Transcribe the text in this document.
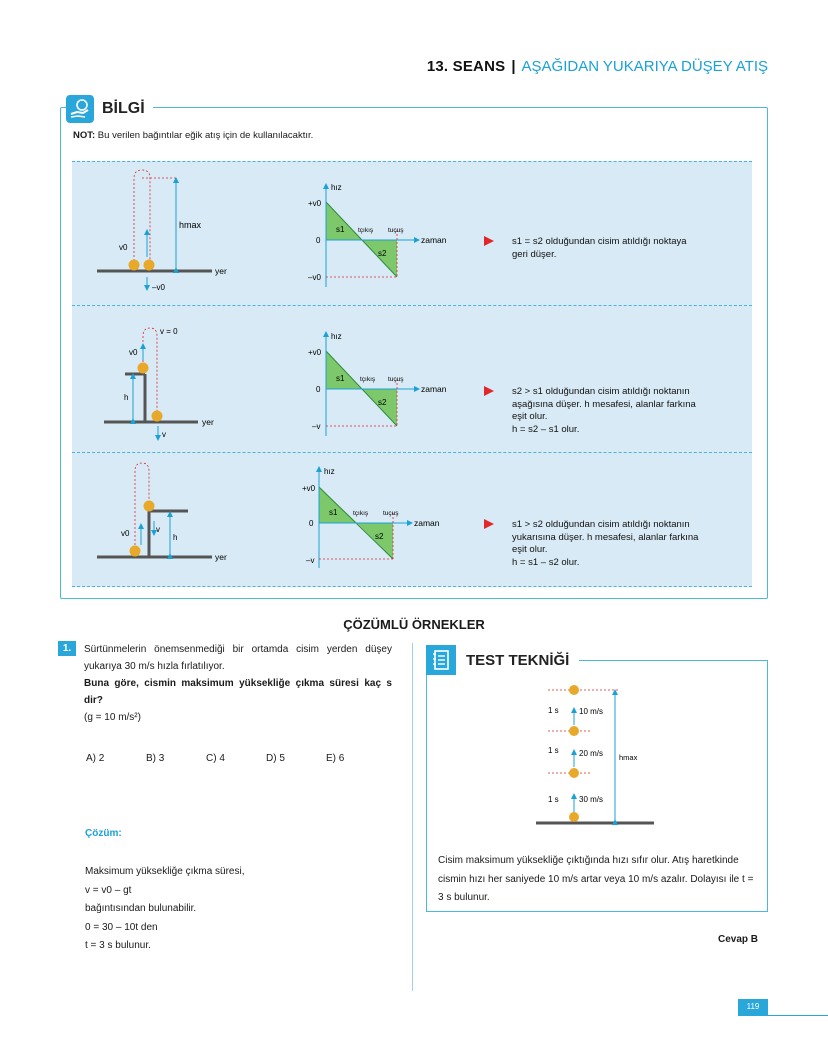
13. SEANS | AŞAĞIDAN YUKARIYA DÜŞEY ATIŞ
BİLGİ
NOT: Bu verilen bağıntılar eğik atış için de kullanılacaktır.
hmax
v0
–v0
yer
hız
+v0
0
–v0
s1
s2
tçıkış tuçuş
zaman	s1 = s2 olduğundan cisim atıldığı noktaya
geri düşer.
v = 0
v0
h
v
yer
hız
+v0
0
–v
s1
s2
tçıkış tuçuş
zaman	s2 > s1 olduğundan cisim atıldığı noktanın
aşağısına düşer. h mesafesi, alanlar farkına
eşit olur.
h = s2 – s1 olur.
v0	v
h
yer
hız
+v0
0
–v
s1
s2
tçıkış tuçuş
zaman	s1 > s2 olduğundan cisim atıldığı noktanın
yukarısına düşer. h mesafesi, alanlar farkına
eşit olur.
h = s1 – s2 olur.
ÇÖZÜMLÜ ÖRNEKLER
1.	Sürtünmelerin önemsenmediği bir ortamda cisim yerden düşey yukarıya 30 m/s hızla fırlatılıyor.
Buna göre, cismin maksimum yüksekliğe çıkma süresi kaç s dir?
(g = 10 m/s²)
A) 2	B) 3	C) 4	D) 5	E) 6
Çözüm:
Maksimum yüksekliğe çıkma süresi,
v = v0 – gt
bağıntısından bulunabilir.
0 = 30 – 10t den
t = 3 s bulunur.
TEST TEKNİĞİ
1 s
1 s
1 s
10 m/s
20 m/s
30 m/s
hmax
Cisim maksimum yüksekliğe çıktığında hızı sıfır olur. Atış haretkinde cismin hızı her saniyede 10 m/s artar veya 10 m/s azalır. Dolayısı ile t = 3 s bulunur.
Cevap B
119
